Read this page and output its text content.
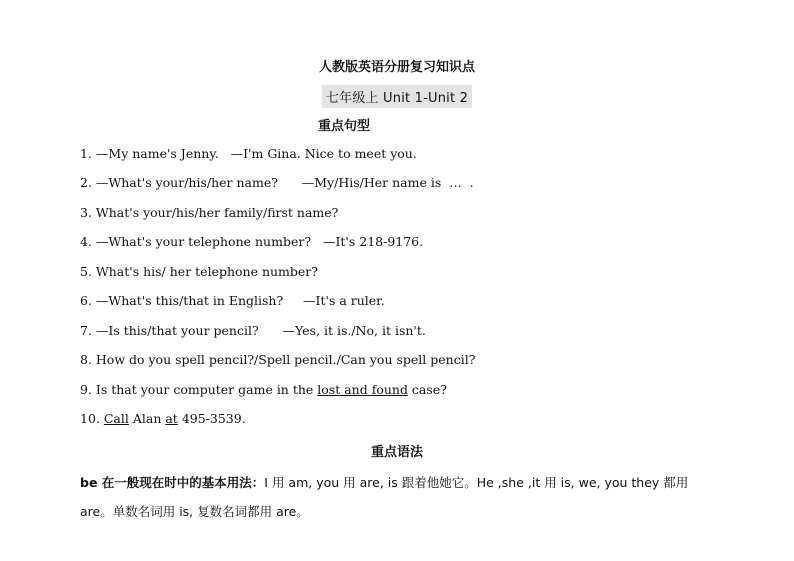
人教版英语分册复习知识点
七年级上 Unit 1-Unit 2
重点句型
1. —My name's Jenny.   —I'm Gina. Nice to meet you.
2. —What's your/his/her name?      —My/His/Her name is  …  .
3. What's your/his/her family/first name?
4. —What's your telephone number?   —It's 218-9176.
5. What's his/ her telephone number?
6. —What's this/that in English?     —It's a ruler.
7. —Is this/that your pencil?      —Yes, it is./No, it isn't.
8. How do you spell pencil?/Spell pencil./Can you spell pencil?
9. Is that your computer game in the lost and found case?
10. Call Alan at 495-3539.
重点语法
be 在一般现在时中的基本用法：I 用 am, you 用 are, is 跟着他她它。He ,she ,it 用 is, we, you they 都用 are。单数名词用 is, 复数名词都用 are。
